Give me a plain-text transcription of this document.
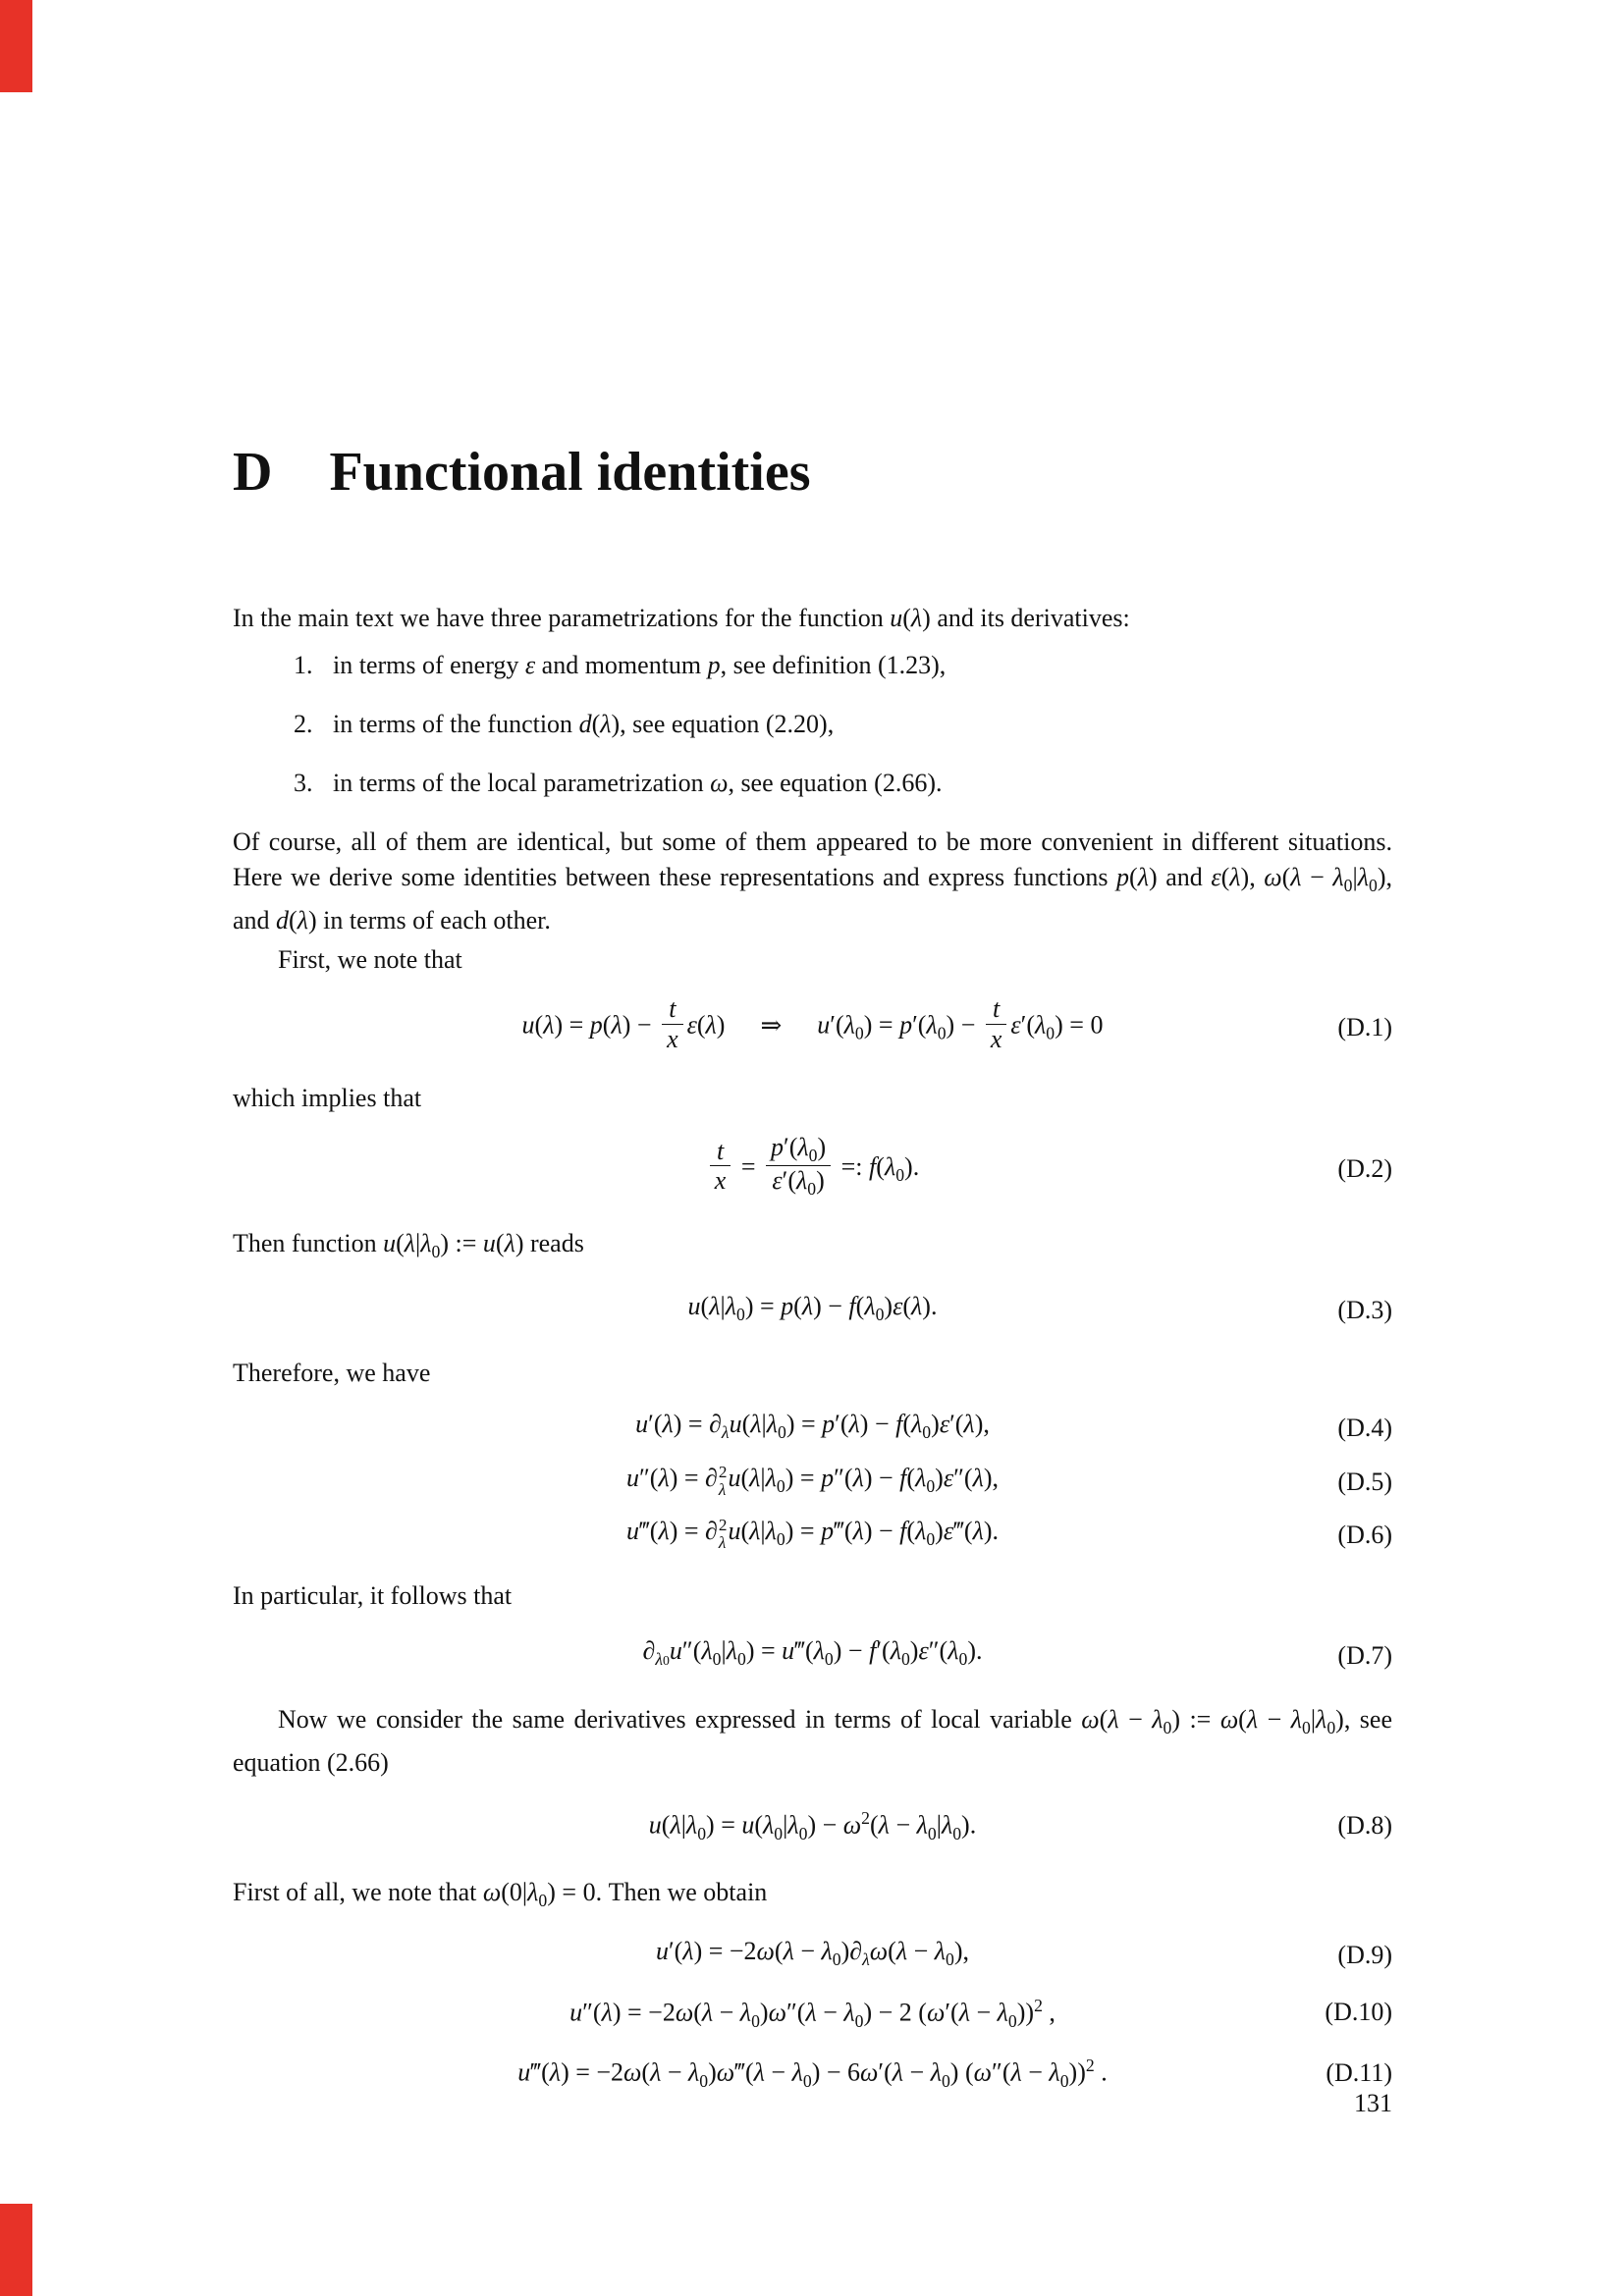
D Functional identities

In the main text we have three parametrizations for the function u(λ) and its derivatives:

1. in terms of energy ε and momentum p, see definition (1.23),
2. in terms of the function d(λ), see equation (2.20),
3. in terms of the local parametrization ω, see equation (2.66).

Of course, all of them are identical, but some of them appeared to be more convenient in different situations. Here we derive some identities between these representations and express functions p(λ) and ε(λ), $\omega(\lambda - \lambda_0|\lambda_0)$, and d(λ) in terms of each other.

First, we note that

$u(\lambda) = p(\lambda) - \frac{t}{x} \varepsilon(\lambda)$ ⇒ $u'(\lambda_0) = p'(\lambda_0) - \frac{t}{x} \varepsilon'(\lambda_0) = 0$	(D.1)

which implies that

$\frac{t}{x} = \frac{p'(\lambda_0)}{\varepsilon'(\lambda_0)}$ =: $f(\lambda_0)$.	(D.2)

Then function $u(\lambda|\lambda_0)$ := u(λ) reads

$u(\lambda|\lambda_0) = p(\lambda) - f(\lambda_0)\varepsilon(\lambda)$.	(D.3)

Therefore, we have

$u'(\lambda) = \partial_\lambda u(\lambda|\lambda_0) = p'(\lambda) - f(\lambda_0)\varepsilon'(\lambda)$,	(D.4)
u″(λ) = ∂ 2
λ $u(\lambda|\lambda_0) = p''(\lambda) - f(\lambda_0)\varepsilon''(\lambda)$,	(D.5)
u‴(λ) = ∂ 2
λ $u(\lambda|\lambda_0)$ = p‴(λ) − $f(\lambda_0)\varepsilon‴(\lambda)$.	(D.6)

In particular, it follows that

$\partial_{\lambda 0}u''(\lambda_0|\lambda_0)$ = $u‴(\lambda_0) - f'(\lambda_0)\varepsilon''(\lambda_0)$.	(D.7)

Now we consider the same derivatives expressed in terms of local variable $\omega(\lambda - \lambda_0)$ := $\omega(\lambda - \lambda_0|\lambda_0)$, see equation (2.66)

$u(\lambda|\lambda_0) = u(\lambda_0|\lambda_0) - \omega^2(\lambda - \lambda_0|\lambda_0)$.	(D.8)

First of all, we note that $\omega(0|\lambda_0) = 0$. Then we obtain

$u'(\lambda) = -2\omega(\lambda - \lambda_0)\partial_\lambda\omega(\lambda - \lambda_0)$,	(D.9)
$u''(\lambda) = -2\omega(\lambda - \lambda_0)\omega''(\lambda - \lambda_0) - 2$ $(\omega'(\lambda - \lambda_0))^2$ ,	(D.10)
u‴(λ) = $-2\omega(\lambda - \lambda_0)\omega‴(\lambda - \lambda_0) - 6\omega'(\lambda - \lambda_0)$ $(\omega''(\lambda - \lambda_0))^2$ .	(D.11)
131
